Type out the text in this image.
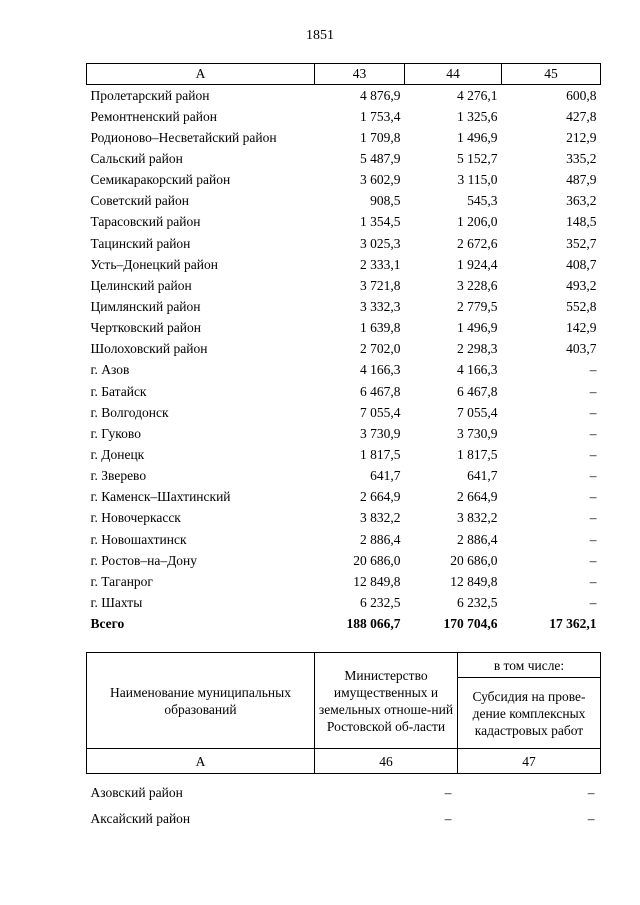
1851
А	43	44	45
Пролетарский район	4 876,9	4 276,1	600,8
Ремонтненский район	1 753,4	1 325,6	427,8
Родионово–Несветайский район	1 709,8	1 496,9	212,9
Сальский район	5 487,9	5 152,7	335,2
Семикаракорский район	3 602,9	3 115,0	487,9
Советский район	908,5	545,3	363,2
Тарасовский район	1 354,5	1 206,0	148,5
Тацинский район	3 025,3	2 672,6	352,7
Усть–Донецкий район	2 333,1	1 924,4	408,7
Целинский район	3 721,8	3 228,6	493,2
Цимлянский район	3 332,3	2 779,5	552,8
Чертковский район	1 639,8	1 496,9	142,9
Шолоховский район	2 702,0	2 298,3	403,7
г. Азов	4 166,3	4 166,3	–
г. Батайск	6 467,8	6 467,8	–
г. Волгодонск	7 055,4	7 055,4	–
г. Гуково	3 730,9	3 730,9	–
г. Донецк	1 817,5	1 817,5	–
г. Зверево	641,7	641,7	–
г. Каменск–Шахтинский	2 664,9	2 664,9	–
г. Новочеркасск	3 832,2	3 832,2	–
г. Новошахтинск	2 886,4	2 886,4	–
г. Ростов–на–Дону	20 686,0	20 686,0	–
г. Таганрог	12 849,8	12 849,8	–
г. Шахты	6 232,5	6 232,5	–
Всего	188 066,7	170 704,6	17 362,1
Наименование муниципальных образований	Министерство имущественных и земельных отноше-ний Ростовской об-ласти	в том числе:
		Субсидия на прове-дение комплексных кадастровых работ
А	46	47

Азовский район	–	–
Аксайский район	–	–
